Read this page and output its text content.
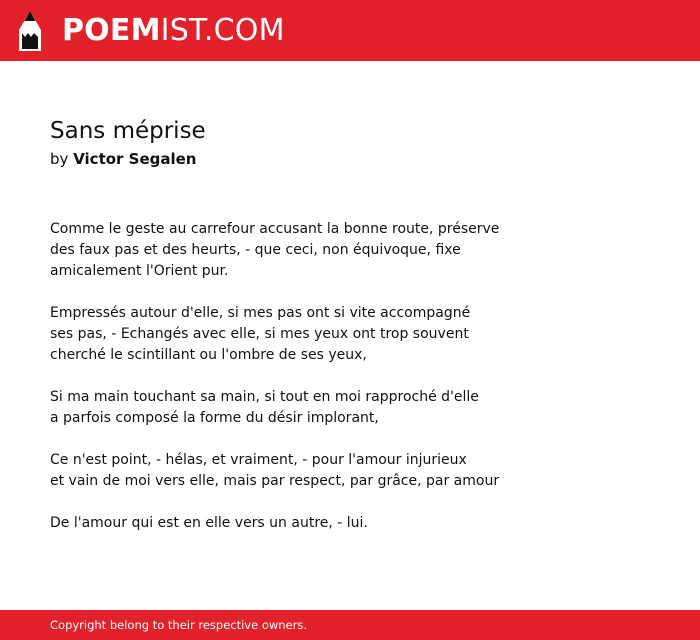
POEM IST.COM
Sans méprise
by Victor Segalen
Comme le geste au carrefour accusant la bonne route, préserve
des faux pas et des heurts, - que ceci, non équivoque, fixe
amicalement l'Orient pur.
Empressés autour d'elle, si mes pas ont si vite accompagné
ses pas, - Echangés avec elle, si mes yeux ont trop souvent
cherché le scintillant ou l'ombre de ses yeux,
Si ma main touchant sa main, si tout en moi rapproché d'elle
a parfois composé la forme du désir implorant,
Ce n'est point, - hélas, et vraiment, - pour l'amour injurieux
et vain de moi vers elle, mais par respect, par grâce, par amour
De l'amour qui est en elle vers un autre, - lui.
Copyright belong to their respective owners.
